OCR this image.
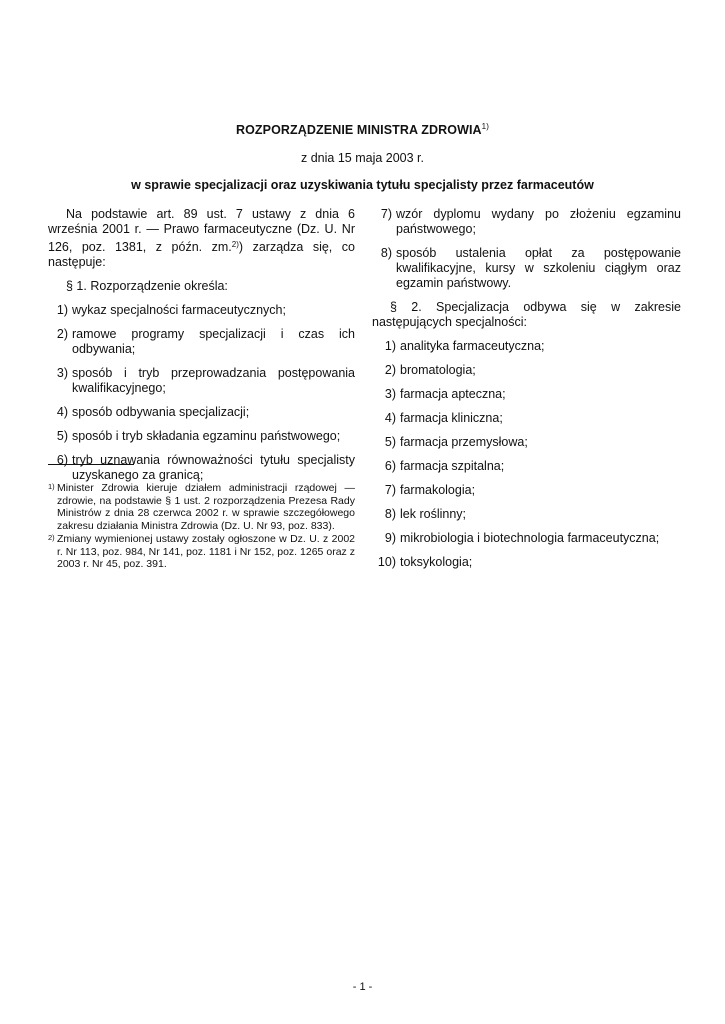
ROZPORZĄDZENIE MINISTRA ZDROWIA$^{1)}$
z dnia 15 maja 2003 r.
w sprawie specjalizacji oraz uzyskiwania tytułu specjalisty przez farmaceutów

Na podstawie art. 89 ust. 7 ustawy z dnia 6 września 2001 r. — Prawo farmaceutyczne (Dz. U. Nr 126, poz. 1381, z późn. zm.$^{2)}$) zarządza się, co następuje:

§ 1. Rozporządzenie określa:

1) wykaz specjalności farmaceutycznych;
2) ramowe programy specjalizacji i czas ich odbywania;
3) sposób i tryb przeprowadzania postępowania kwalifikacyjnego;
4) sposób odbywania specjalizacji;
5) sposób i tryb składania egzaminu państwowego;
6) tryb uznawania równoważności tytułu specjalisty uzyskanego za granicą;
1) Minister Zdrowia kieruje działem administracji rządowej — zdrowie, na podstawie § 1 ust. 2 rozporządzenia Prezesa Rady Ministrów z dnia 28 czerwca 2002 r. w sprawie szczegółowego zakresu działania Ministra Zdrowia (Dz. U. Nr 93, poz. 833).
2) Zmiany wymienionej ustawy zostały ogłoszone w Dz. U. z 2002 r. Nr 113, poz. 984, Nr 141, poz. 1181 i Nr 152, poz. 1265 oraz z 2003 r. Nr 45, poz. 391.
7) wzór dyplomu wydany po złożeniu egzaminu państwowego;
8) sposób ustalenia opłat za postępowanie kwalifikacyjne, kursy w szkoleniu ciągłym oraz egzamin państwowy.

§ 2. Specjalizacja odbywa się w zakresie następujących specjalności:

1) analityka farmaceutyczna;
2) bromatologia;
3) farmacja apteczna;
4) farmacja kliniczna;
5) farmacja przemysłowa;
6) farmacja szpitalna;
7) farmakologia;
8) lek roślinny;
9) mikrobiologia i biotechnologia farmaceutyczna;
10) toksykologia;
- 1 -
